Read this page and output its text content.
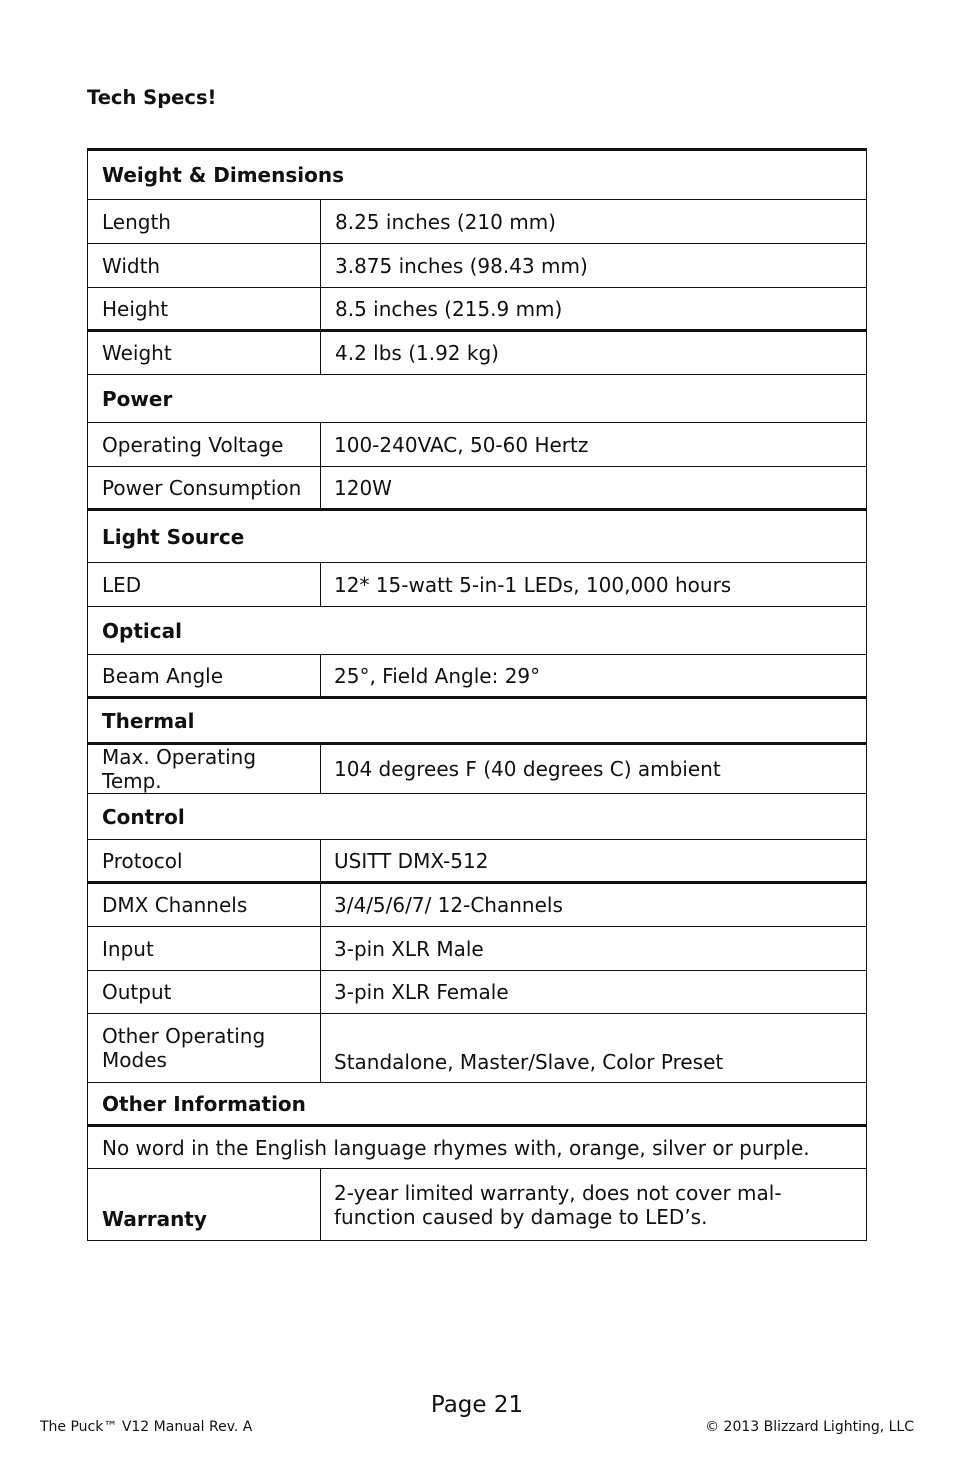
Tech Specs!
Weight & Dimensions	
Length	8.25 inches (210 mm)
Width	3.875 inches (98.43 mm)
Height	8.5 inches (215.9 mm)
Weight	4.2 lbs (1.92 kg)
Power	
Operating Voltage	100-240VAC, 50-60 Hertz
Power Consumption	120W
Light Source	
LED	12* 15-watt 5-in-1 LEDs, 100,000 hours
Optical	
Beam Angle	25°, Field Angle: 29°
Thermal	
Max. Operating Temp.	104 degrees F (40 degrees C) ambient
Control	
Protocol	USITT DMX-512
DMX Channels	3/4/5/6/7/ 12-Channels
Input	3-pin XLR Male
Output	3-pin XLR Female
Other Operating Modes	Standalone, Master/Slave, Color Preset
Other Information	
No word in the English language rhymes with, orange, silver or purple.	
Warranty	2-year limited warranty, does not cover mal-function caused by damage to LED’s.
Page 21
The Puck™ V12 Manual Rev. A	© 2013 Blizzard Lighting, LLC
